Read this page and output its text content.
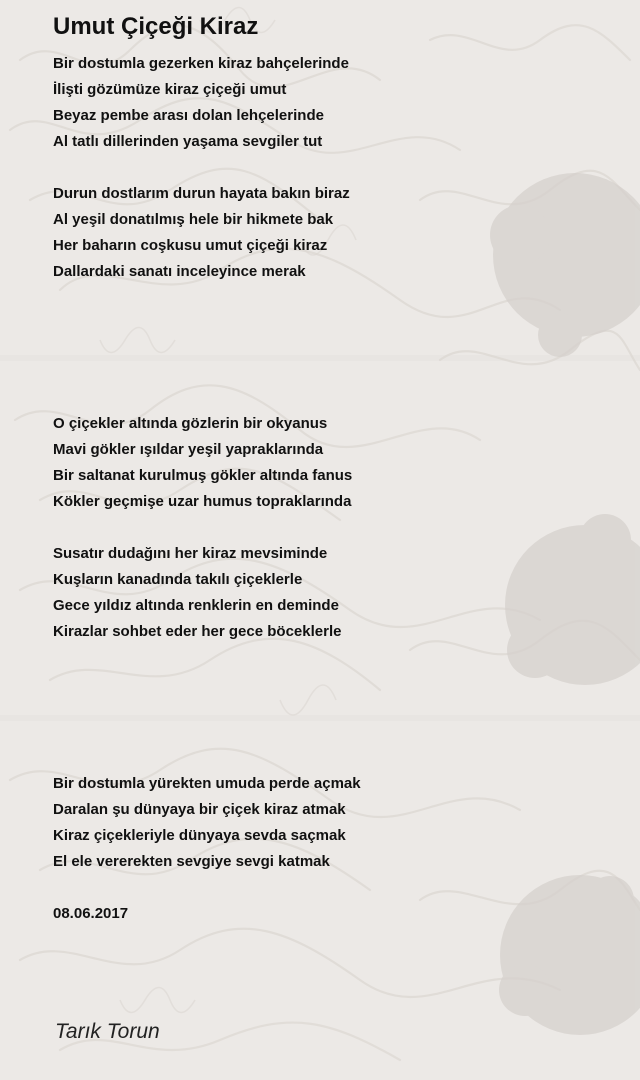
Umut Çiçeği Kiraz

Bir dostumla gezerken kiraz bahçelerinde

İlişti gözümüze kiraz çiçeği umut

Beyaz pembe arası dolan lehçelerinde

Al tatlı dillerinden yaşama sevgiler tut

Durun dostlarım durun hayata bakın biraz

Al yeşil donatılmış hele bir hikmete bak

Her baharın coşkusu umut çiçeği kiraz

Dallardaki sanatı inceleyince merak

O çiçekler altında gözlerin bir okyanus

Mavi gökler ışıldar yeşil yapraklarında

Bir saltanat kurulmuş gökler altında fanus

Kökler geçmişe uzar humus topraklarında

Susatır dudağını her kiraz mevsiminde

Kuşların kanadında takılı çiçeklerle

Gece yıldız altında renklerin en deminde

Kirazlar sohbet eder her gece böceklerle

Bir dostumla yürekten umuda perde açmak

Daralan şu dünyaya bir çiçek kiraz atmak

Kiraz çiçekleriyle dünyaya sevda saçmak

El ele vererekten sevgiye sevgi katmak

08.06.2017

Tarık Torun
